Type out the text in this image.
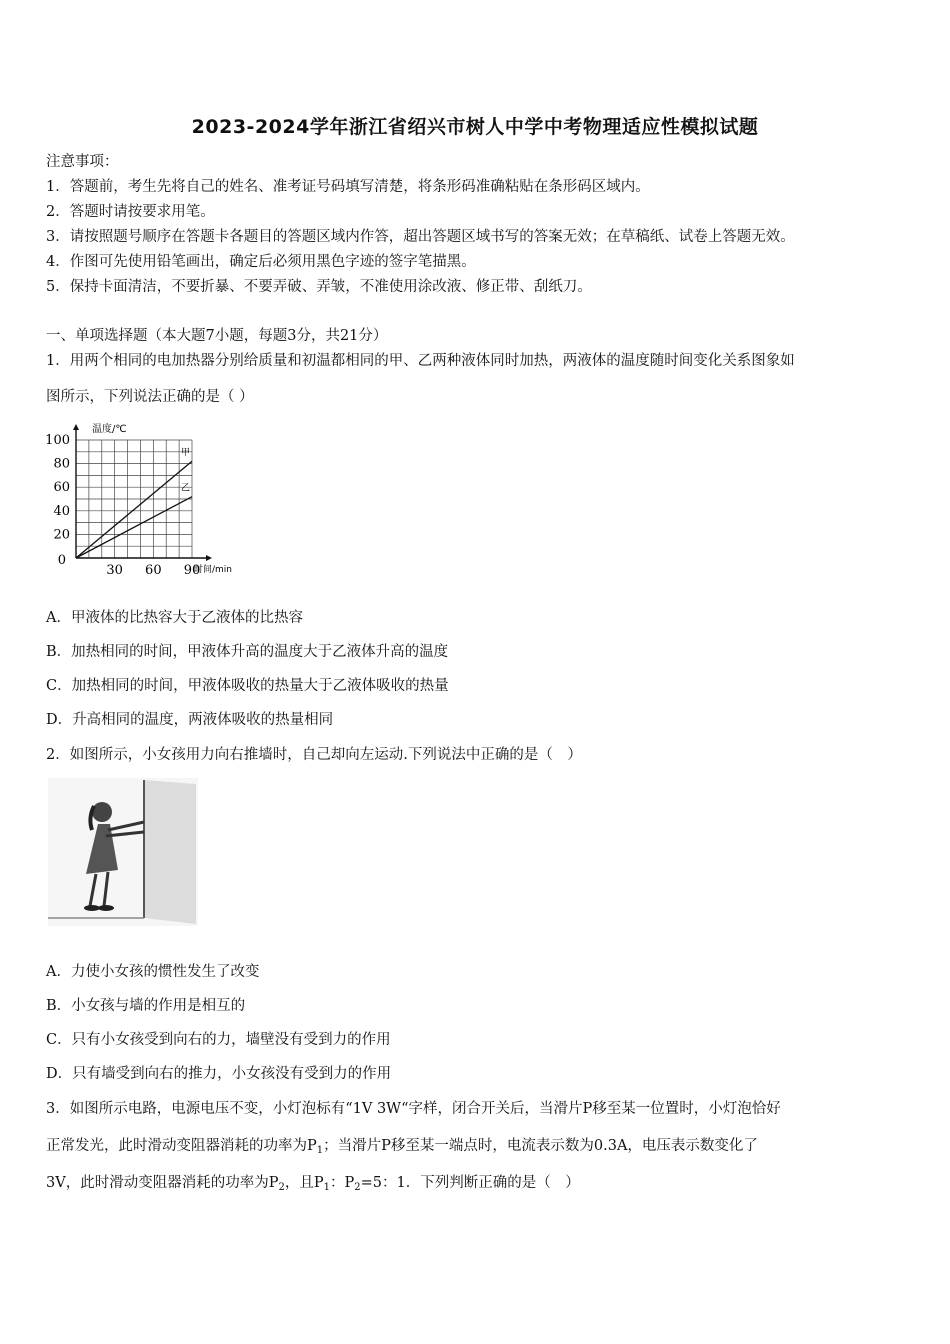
2023-2024学年浙江省绍兴市树人中学中考物理适应性模拟试题
注意事项：
1．答题前，考生先将自己的姓名、准考证号码填写清楚，将条形码准确粘贴在条形码区域内。
2．答题时请按要求用笔。
3．请按照题号顺序在答题卡各题目的答题区域内作答，超出答题区域书写的答案无效；在草稿纸、试卷上答题无效。
4．作图可先使用铅笔画出，确定后必须用黑色字迹的签字笔描黑。
5．保持卡面清洁，不要折暴、不要弄破、弄皱，不准使用涂改液、修正带、刮纸刀。
一、单项选择题（本大题7小题，每题3分，共21分）
1．用两个相同的电加热器分别给质量和初温都相同的甲、乙两种液体同时加热，两液体的温度随时间变化关系图象如
图所示，下列说法正确的是（ ）
温度/℃
时间/min
100
80
60
40
20
30 60 90
0
甲
乙
A．甲液体的比热容大于乙液体的比热容
B．加热相同的时间，甲液体升高的温度大于乙液体升高的温度
C．加热相同的时间，甲液体吸收的热量大于乙液体吸收的热量
D．升高相同的温度，两液体吸收的热量相同
2．如图所示，小女孩用力向右推墙时，自己却向左运动.下列说法中正确的是（　）
A．力使小女孩的惯性发生了改变
B．小女孩与墙的作用是相互的
C．只有小女孩受到向右的力，墙壁没有受到力的作用
D．只有墙受到向右的推力，小女孩没有受到力的作用
3．如图所示电路，电源电压不变，小灯泡标有“1V 3W“字样，闭合开关后，当滑片P移至某一位置时，小灯泡恰好
正常发光，此时滑动变阻器消耗的功率为$P_1$；当滑片P移至某一端点时，电流表示数为0.3A，电压表示数变化了
3V，此时滑动变阻器消耗的功率为$P_2$，且$P_1$：$P_2=5$：1．下列判断正确的是（　）
